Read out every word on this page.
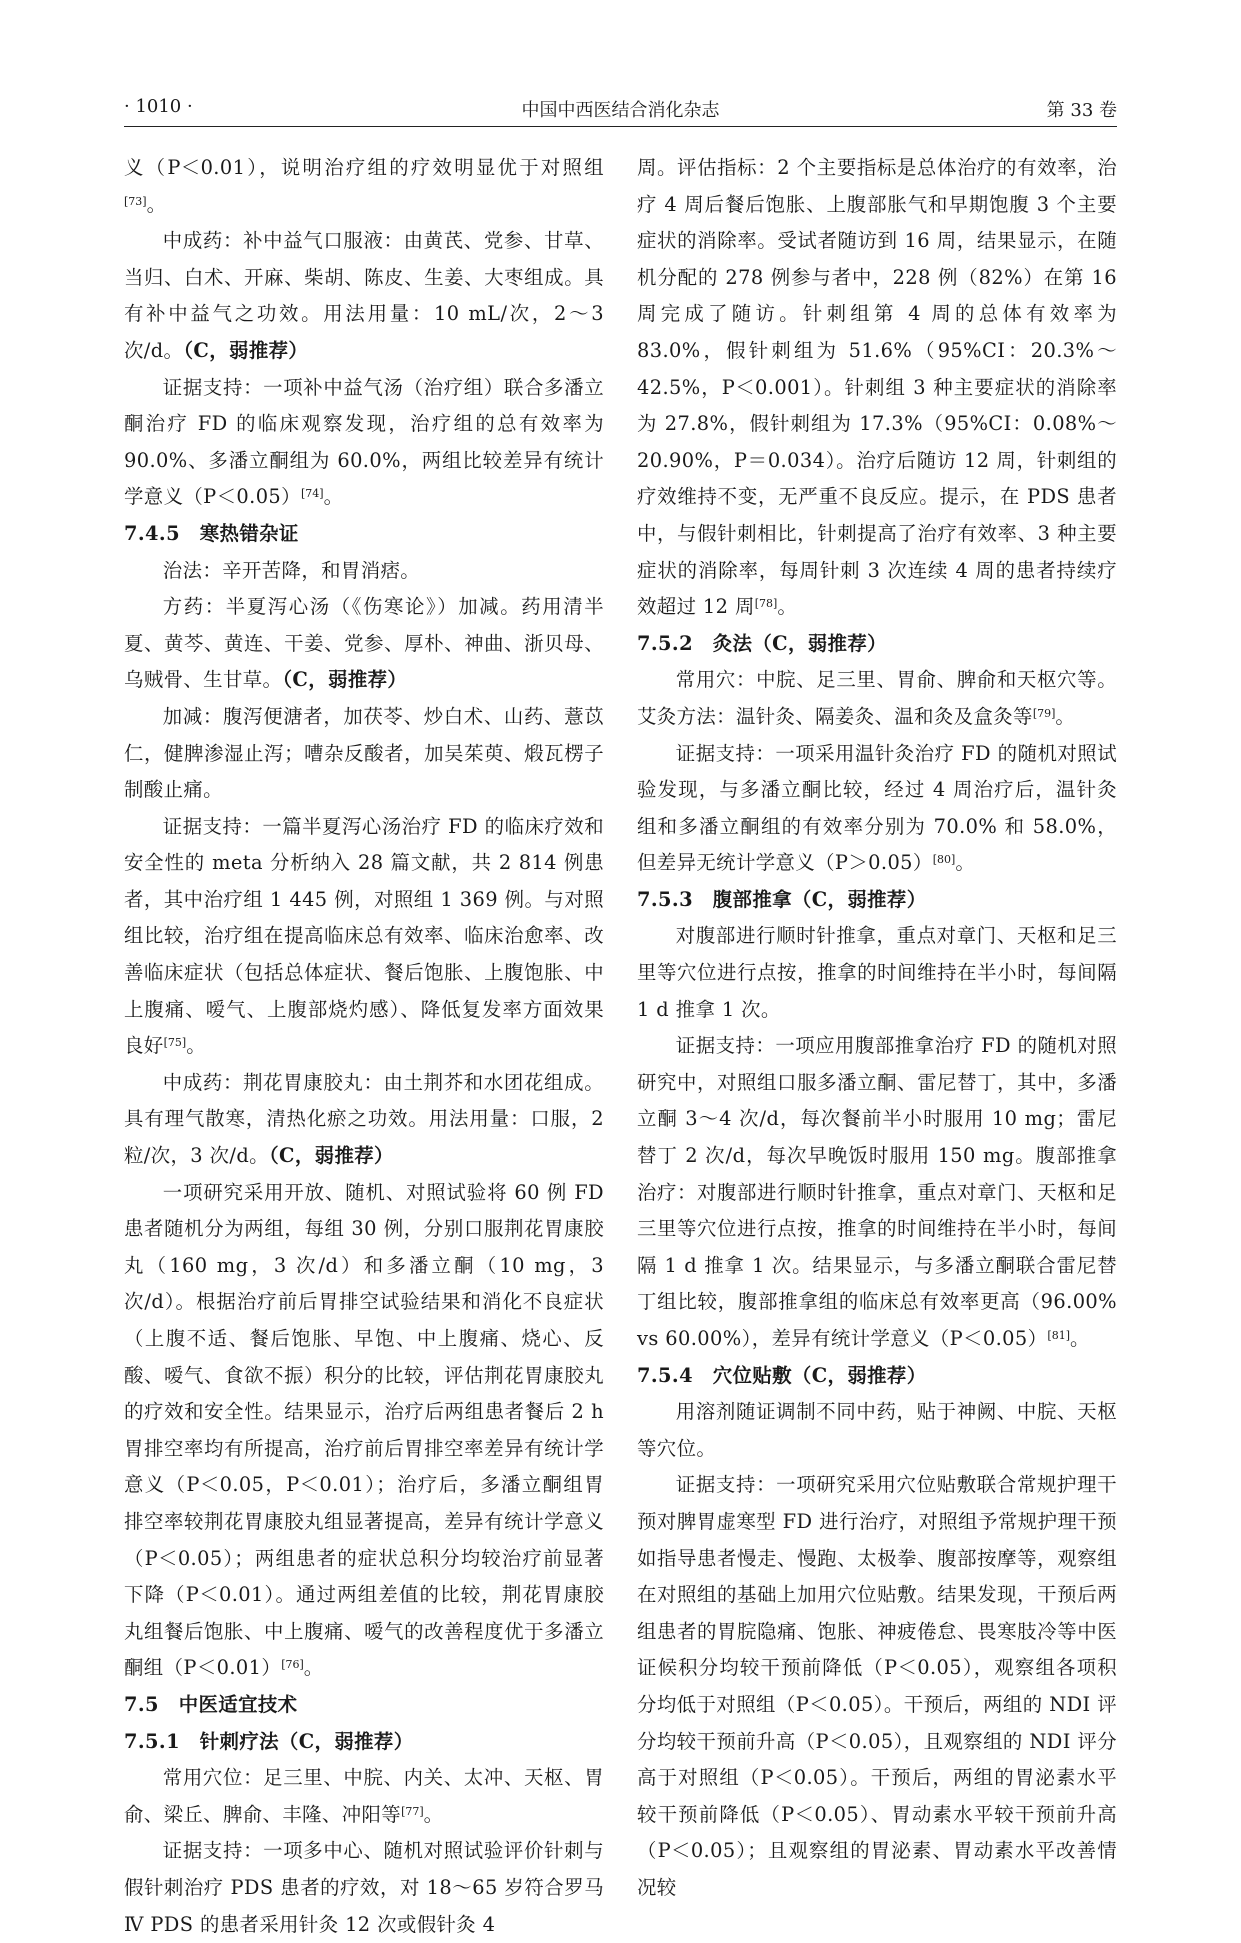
· 1010 ·	中国中西医结合消化杂志	第 33 卷

义（P＜0.01），说明治疗组的疗效明显优于对照组[73]。

中成药：补中益气口服液：由黄芪、党参、甘草、当归、白术、开麻、柴胡、陈皮、生姜、大枣组成。具有补中益气之功效。用法用量：10 mL/次，2～3 次/d。（C，弱推荐）

证据支持：一项补中益气汤（治疗组）联合多潘立酮治疗 FD 的临床观察发现，治疗组的总有效率为 90.0%、多潘立酮组为 60.0%，两组比较差异有统计学意义（P＜0.05）[74]。

7.4.5　寒热错杂证

治法：辛开苦降，和胃消痞。

方药：半夏泻心汤（《伤寒论》）加减。药用清半夏、黄芩、黄连、干姜、党参、厚朴、神曲、浙贝母、乌贼骨、生甘草。（C，弱推荐）

加减：腹泻便溏者，加茯苓、炒白术、山药、薏苡仁，健脾渗湿止泻；嘈杂反酸者，加吴茱萸、煅瓦楞子制酸止痛。

证据支持：一篇半夏泻心汤治疗 FD 的临床疗效和安全性的 meta 分析纳入 28 篇文献，共 2 814 例患者，其中治疗组 1 445 例，对照组 1 369 例。与对照组比较，治疗组在提高临床总有效率、临床治愈率、改善临床症状（包括总体症状、餐后饱胀、上腹饱胀、中上腹痛、嗳气、上腹部烧灼感）、降低复发率方面效果良好[75]。

中成药：荆花胃康胶丸：由土荆芥和水团花组成。具有理气散寒，清热化瘀之功效。用法用量：口服，2 粒/次，3 次/d。（C，弱推荐）

一项研究采用开放、随机、对照试验将 60 例 FD 患者随机分为两组，每组 30 例，分别口服荆花胃康胶丸（160 mg，3 次/d）和多潘立酮（10 mg，3 次/d）。根据治疗前后胃排空试验结果和消化不良症状（上腹不适、餐后饱胀、早饱、中上腹痛、烧心、反酸、嗳气、食欲不振）积分的比较，评估荆花胃康胶丸的疗效和安全性。结果显示，治疗后两组患者餐后 2 h 胃排空率均有所提高，治疗前后胃排空率差异有统计学意义（P＜0.05，P＜0.01）；治疗后，多潘立酮组胃排空率较荆花胃康胶丸组显著提高，差异有统计学意义（P＜0.05）；两组患者的症状总积分均较治疗前显著下降（P＜0.01）。通过两组差值的比较，荆花胃康胶丸组餐后饱胀、中上腹痛、嗳气的改善程度优于多潘立酮组（P＜0.01）[76]。

7.5　中医适宜技术

7.5.1　针刺疗法（C，弱推荐）

常用穴位：足三里、中脘、内关、太冲、天枢、胃俞、梁丘、脾俞、丰隆、冲阳等[77]。

证据支持：一项多中心、随机对照试验评价针刺与假针刺治疗 PDS 患者的疗效，对 18～65 岁符合罗马Ⅳ PDS 的患者采用针灸 12 次或假针灸 4

周。评估指标：2 个主要指标是总体治疗的有效率，治疗 4 周后餐后饱胀、上腹部胀气和早期饱腹 3 个主要症状的消除率。受试者随访到 16 周，结果显示，在随机分配的 278 例参与者中，228 例（82%）在第 16 周完成了随访。针刺组第 4 周的总体有效率为 83.0%，假针刺组为 51.6%（95%CI：20.3%～42.5%，P＜0.001）。针刺组 3 种主要症状的消除率为 27.8%，假针刺组为 17.3%（95%CI：0.08%～20.90%，P＝0.034）。治疗后随访 12 周，针刺组的疗效维持不变，无严重不良反应。提示，在 PDS 患者中，与假针刺相比，针刺提高了治疗有效率、3 种主要症状的消除率，每周针刺 3 次连续 4 周的患者持续疗效超过 12 周[78]。

7.5.2　灸法（C，弱推荐）

常用穴：中脘、足三里、胃俞、脾俞和天枢穴等。艾灸方法：温针灸、隔姜灸、温和灸及盒灸等[79]。

证据支持：一项采用温针灸治疗 FD 的随机对照试验发现，与多潘立酮比较，经过 4 周治疗后，温针灸组和多潘立酮组的有效率分别为 70.0% 和 58.0%，但差异无统计学意义（P＞0.05）[80]。

7.5.3　腹部推拿（C，弱推荐）

对腹部进行顺时针推拿，重点对章门、天枢和足三里等穴位进行点按，推拿的时间维持在半小时，每间隔 1 d 推拿 1 次。

证据支持：一项应用腹部推拿治疗 FD 的随机对照研究中，对照组口服多潘立酮、雷尼替丁，其中，多潘立酮 3～4 次/d，每次餐前半小时服用 10 mg；雷尼替丁 2 次/d，每次早晚饭时服用 150 mg。腹部推拿治疗：对腹部进行顺时针推拿，重点对章门、天枢和足三里等穴位进行点按，推拿的时间维持在半小时，每间隔 1 d 推拿 1 次。结果显示，与多潘立酮联合雷尼替丁组比较，腹部推拿组的临床总有效率更高（96.00% vs 60.00%），差异有统计学意义（P＜0.05）[81]。

7.5.4　穴位贴敷（C，弱推荐）

用溶剂随证调制不同中药，贴于神阙、中脘、天枢等穴位。

证据支持：一项研究采用穴位贴敷联合常规护理干预对脾胃虚寒型 FD 进行治疗，对照组予常规护理干预如指导患者慢走、慢跑、太极拳、腹部按摩等，观察组在对照组的基础上加用穴位贴敷。结果发现，干预后两组患者的胃脘隐痛、饱胀、神疲倦怠、畏寒肢冷等中医证候积分均较干预前降低（P＜0.05），观察组各项积分均低于对照组（P＜0.05）。干预后，两组的 NDI 评分均较干预前升高（P＜0.05），且观察组的 NDI 评分高于对照组（P＜0.05）。干预后，两组的胃泌素水平较干预前降低（P＜0.05）、胃动素水平较干预前升高（P＜0.05）；且观察组的胃泌素、胃动素水平改善情况较
